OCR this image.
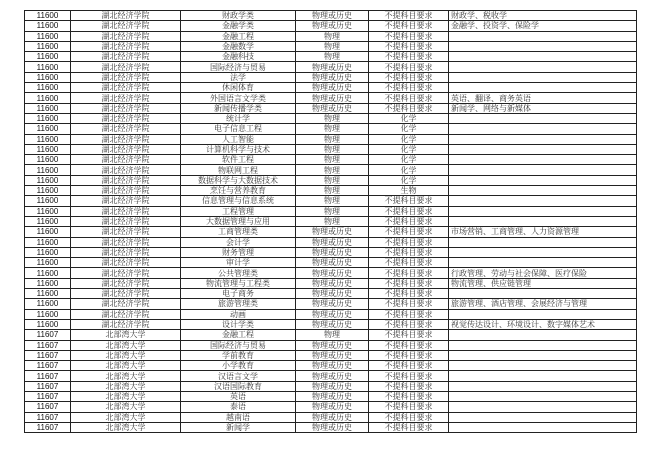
11600	湖北经济学院	财政学类	物理或历史	不提科目要求	财政学、税收学
11600	湖北经济学院	金融学类	物理或历史	不提科目要求	金融学、投资学、保险学
11600	湖北经济学院	金融工程	物理	不提科目要求	
11600	湖北经济学院	金融数学	物理	不提科目要求	
11600	湖北经济学院	金融科技	物理	不提科目要求	
11600	湖北经济学院	国际经济与贸易	物理或历史	不提科目要求	
11600	湖北经济学院	法学	物理或历史	不提科目要求	
11600	湖北经济学院	休闲体育	物理或历史	不提科目要求	
11600	湖北经济学院	外国语言文学类	物理或历史	不提科目要求	英语、翻译、商务英语
11600	湖北经济学院	新闻传播学类	物理或历史	不提科目要求	新闻学、网络与新媒体
11600	湖北经济学院	统计学	物理	化学	
11600	湖北经济学院	电子信息工程	物理	化学	
11600	湖北经济学院	人工智能	物理	化学	
11600	湖北经济学院	计算机科学与技术	物理	化学	
11600	湖北经济学院	软件工程	物理	化学	
11600	湖北经济学院	物联网工程	物理	化学	
11600	湖北经济学院	数据科学与大数据技术	物理	化学	
11600	湖北经济学院	烹饪与营养教育	物理	生物	
11600	湖北经济学院	信息管理与信息系统	物理	不提科目要求	
11600	湖北经济学院	工程管理	物理	不提科目要求	
11600	湖北经济学院	大数据管理与应用	物理	不提科目要求	
11600	湖北经济学院	工商管理类	物理或历史	不提科目要求	市场营销、工商管理、人力资源管理
11600	湖北经济学院	会计学	物理或历史	不提科目要求	
11600	湖北经济学院	财务管理	物理或历史	不提科目要求	
11600	湖北经济学院	审计学	物理或历史	不提科目要求	
11600	湖北经济学院	公共管理类	物理或历史	不提科目要求	行政管理、劳动与社会保障、医疗保险
11600	湖北经济学院	物流管理与工程类	物理或历史	不提科目要求	物流管理、供应链管理
11600	湖北经济学院	电子商务	物理或历史	不提科目要求	
11600	湖北经济学院	旅游管理类	物理或历史	不提科目要求	旅游管理、酒店管理、会展经济与管理
11600	湖北经济学院	动画	物理或历史	不提科目要求	
11600	湖北经济学院	设计学类	物理或历史	不提科目要求	视觉传达设计、环境设计、数字媒体艺术
11607	北部湾大学	金融工程	物理	不提科目要求	
11607	北部湾大学	国际经济与贸易	物理或历史	不提科目要求	
11607	北部湾大学	学前教育	物理或历史	不提科目要求	
11607	北部湾大学	小学教育	物理或历史	不提科目要求	
11607	北部湾大学	汉语言文学	物理或历史	不提科目要求	
11607	北部湾大学	汉语国际教育	物理或历史	不提科目要求	
11607	北部湾大学	英语	物理或历史	不提科目要求	
11607	北部湾大学	泰语	物理或历史	不提科目要求	
11607	北部湾大学	越南语	物理或历史	不提科目要求	
11607	北部湾大学	新闻学	物理或历史	不提科目要求	
